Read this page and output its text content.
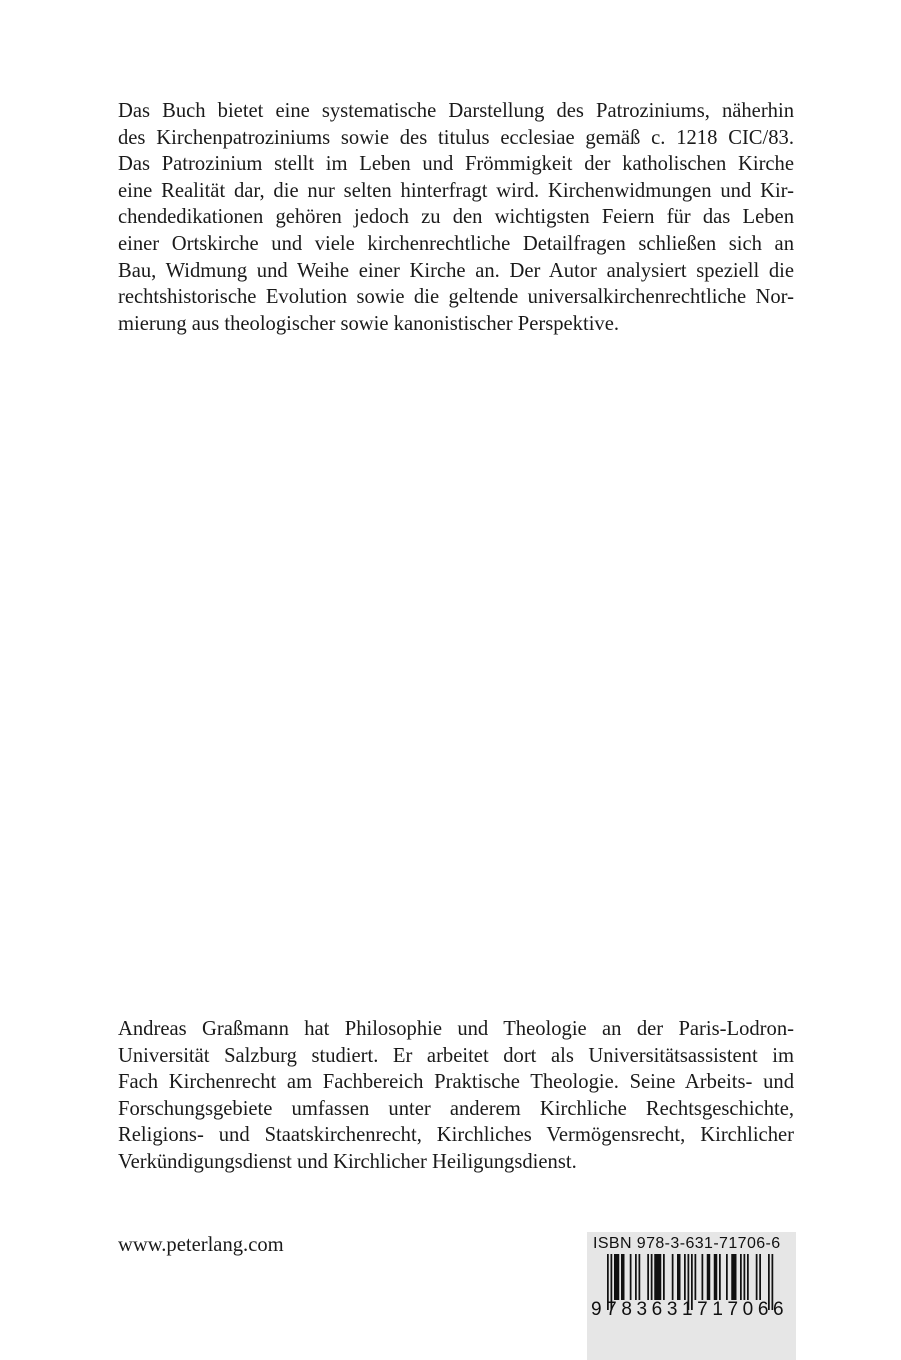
Das Buch bietet eine systematische Darstellung des Patroziniums, näherhin
des Kirchenpatroziniums sowie des titulus ecclesiae gemäß c. 1218 CIC/83.
Das Patrozinium stellt im Leben und Frömmigkeit der katholischen Kirche
eine Realität dar, die nur selten hinterfragt wird. Kirchenwidmungen und Kir-
chendedikationen gehören jedoch zu den wichtigsten Feiern für das Leben
einer Ortskirche und viele kirchenrechtliche Detailfragen schließen sich an
Bau, Widmung und Weihe einer Kirche an. Der Autor analysiert speziell die
rechtshistorische Evolution sowie die geltende universalkirchenrechtliche Nor-
mierung aus theologischer sowie kanonistischer Perspektive.
Andreas Graßmann hat Philosophie und Theologie an der Paris-Lodron-
Universität Salzburg studiert. Er arbeitet dort als Universitätsassistent im
Fach Kirchenrecht am Fachbereich Praktische Theologie. Seine Arbeits- und
Forschungsgebiete umfassen unter anderem Kirchliche Rechtsgeschichte,
Religions- und Staatskirchenrecht, Kirchliches Vermögensrecht, Kirchlicher
Verkündigungsdienst und Kirchlicher Heiligungsdienst.
www.peterlang.com	ISBN 978-3-631-71706-6
9783631717066
